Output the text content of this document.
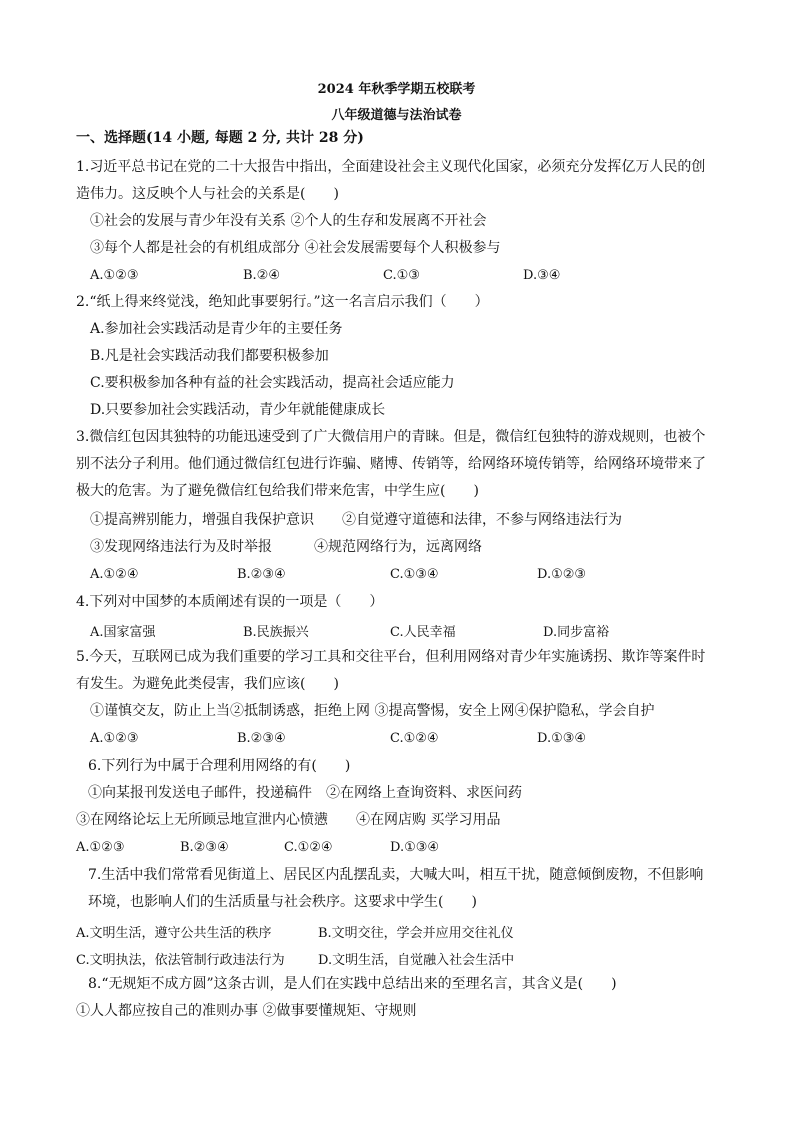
2024 年秋季学期五校联考
八年级道德与法治试卷
一、选择题(14 小题, 每题 2 分, 共计 28 分)
1.习近平总书记在党的二十大报告中指出，全面建设社会主义现代化国家，必须充分发挥亿万人民的创
造伟力。这反映个人与社会的关系是(　　)
①社会的发展与青少年没有关系 ②个人的生存和发展离不开社会
③每个人都是社会的有机组成部分 ④社会发展需要每个人积极参与
A.①②③	B.②④	C.①③	D.③④
2.“纸上得来终觉浅，绝知此事要躬行。”这一名言启示我们（　　）
A.参加社会实践活动是青少年的主要任务
B.凡是社会实践活动我们都要积极参加
C.要积极参加各种有益的社会实践活动，提高社会适应能力
D.只要参加社会实践活动，青少年就能健康成长
3.微信红包因其独特的功能迅速受到了广大微信用户的青睐。但是，微信红包独特的游戏规则，也被个
别不法分子利用。他们通过微信红包进行诈骗、赌博、传销等，给网络环境传销等，给网络环境带来了
极大的危害。为了避免微信红包给我们带来危害，中学生应(　　)
①提高辨别能力，增强自我保护意识　　②自觉遵守道德和法律，不参与网络违法行为
③发现网络违法行为及时举报　　　④规范网络行为，远离网络
A.①②④	B.②③④	C.①③④	D.①②③
4.下列对中国梦的本质阐述有误的一项是（　　）
A.国家富强	B.民族振兴	C.人民幸福	D.同步富裕
5.今天，互联网已成为我们重要的学习工具和交往平台，但利用网络对青少年实施诱拐、欺诈等案件时
有发生。为避免此类侵害，我们应该(　　)
①谨慎交友，防止上当②抵制诱惑，拒绝上网 ③提高警惕，安全上网④保护隐私，学会自护
A.①②③	B.②③④	C.①②④	D.①③④
6.下列行为中属于合理利用网络的有(　　)
①向某报刊发送电子邮件，投递稿件　②在网络上查询资料、求医问药
③在网络论坛上无所顾忌地宣泄内心愤懑　　④在网店购 买学习用品
A.①②③	B.②③④	C.①②④	D.①③④
7.生活中我们常常看见街道上、居民区内乱摆乱卖，大喊大叫，相互干扰，随意倾倒废物，不但影响
环境，也影响人们的生活质量与社会秩序。这要求中学生(　　)
A.文明生活，遵守公共生活的秩序	B.文明交往，学会并应用交往礼仪
C.文明执法，依法管制行政违法行为	D.文明生活，自觉融入社会生活中
8.“无规矩不成方圆”这条古训，是人们在实践中总结出来的至理名言，其含义是(　　)
①人人都应按自己的准则办事 ②做事要懂规矩、守规则
